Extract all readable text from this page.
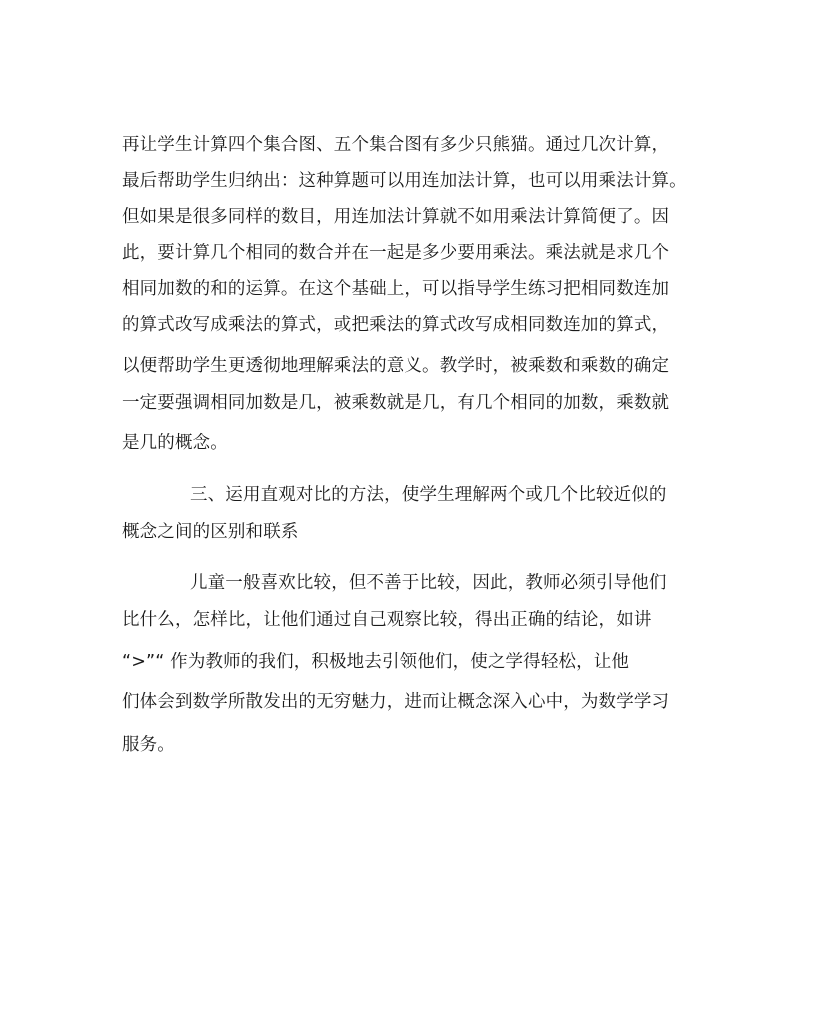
再让学生计算四个集合图、五个集合图有多少只熊猫。通过几次计算，
最后帮助学生归纳出：这种算题可以用连加法计算，也可以用乘法计算。
但如果是很多同样的数目，用连加法计算就不如用乘法计算简便了。因
此，要计算几个相同的数合并在一起是多少要用乘法。乘法就是求几个
相同加数的和的运算。在这个基础上，可以指导学生练习把相同数连加
的算式改写成乘法的算式，或把乘法的算式改写成相同数连加的算式，
以便帮助学生更透彻地理解乘法的意义。教学时，被乘数和乘数的确定
一定要强调相同加数是几，被乘数就是几，有几个相同的加数，乘数就
是几的概念。
三、运用直观对比的方法，使学生理解两个或几个比较近似的
概念之间的区别和联系
儿童一般喜欢比较，但不善于比较，因此，教师必须引导他们
比什么，怎样比，让他们通过自己观察比较，得出正确的结论，如讲
“>”“ 作为教师的我们，积极地去引领他们，使之学得轻松，让他
们体会到数学所散发出的无穷魅力，进而让概念深入心中，为数学学习
服务。
